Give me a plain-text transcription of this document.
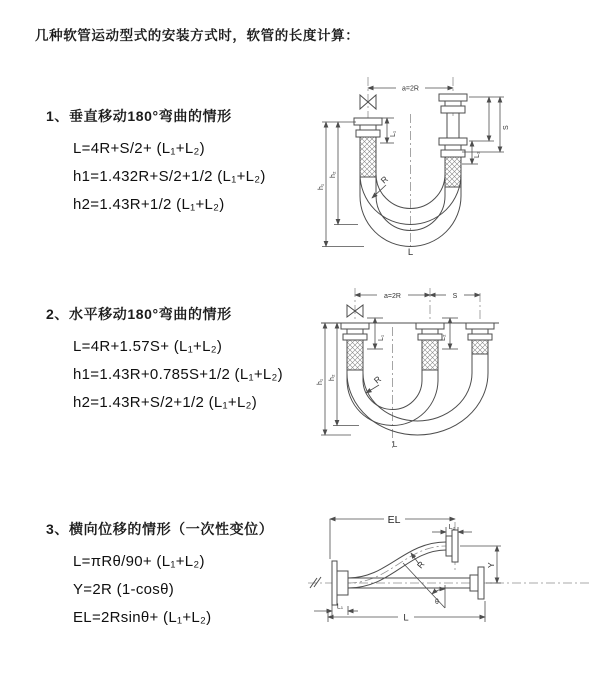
几种软管运动型式的安装方式时，软管的长度计算：
1、垂直移动180°弯曲的情形
L=4R+S/2+ (L₁+L₂)
h1=1.432R+S/2+1/2 (L₁+L₂)
h2=1.43R+1/2 (L₁+L₂)
a=2R
h₁
h₂
L₁
S
L₂
R
L
2、水平移动180°弯曲的情形
L=4R+1.57S+ (L₁+L₂)
h1=1.43R+0.785S+1/2 (L₁+L₂)
h2=1.43R+S/2+1/2 (L₁+L₂)
a=2R	S
h₁
h₂
L₁	L₂
R
L
3、横向位移的情形（一次性变位）
L=πRθ/90+ (L₁+L₂)
Y=2R (1-cosθ)
EL=2Rsinθ+ (L₁+L₂)
EL
L₂
Y
θ
R
L
L₁
